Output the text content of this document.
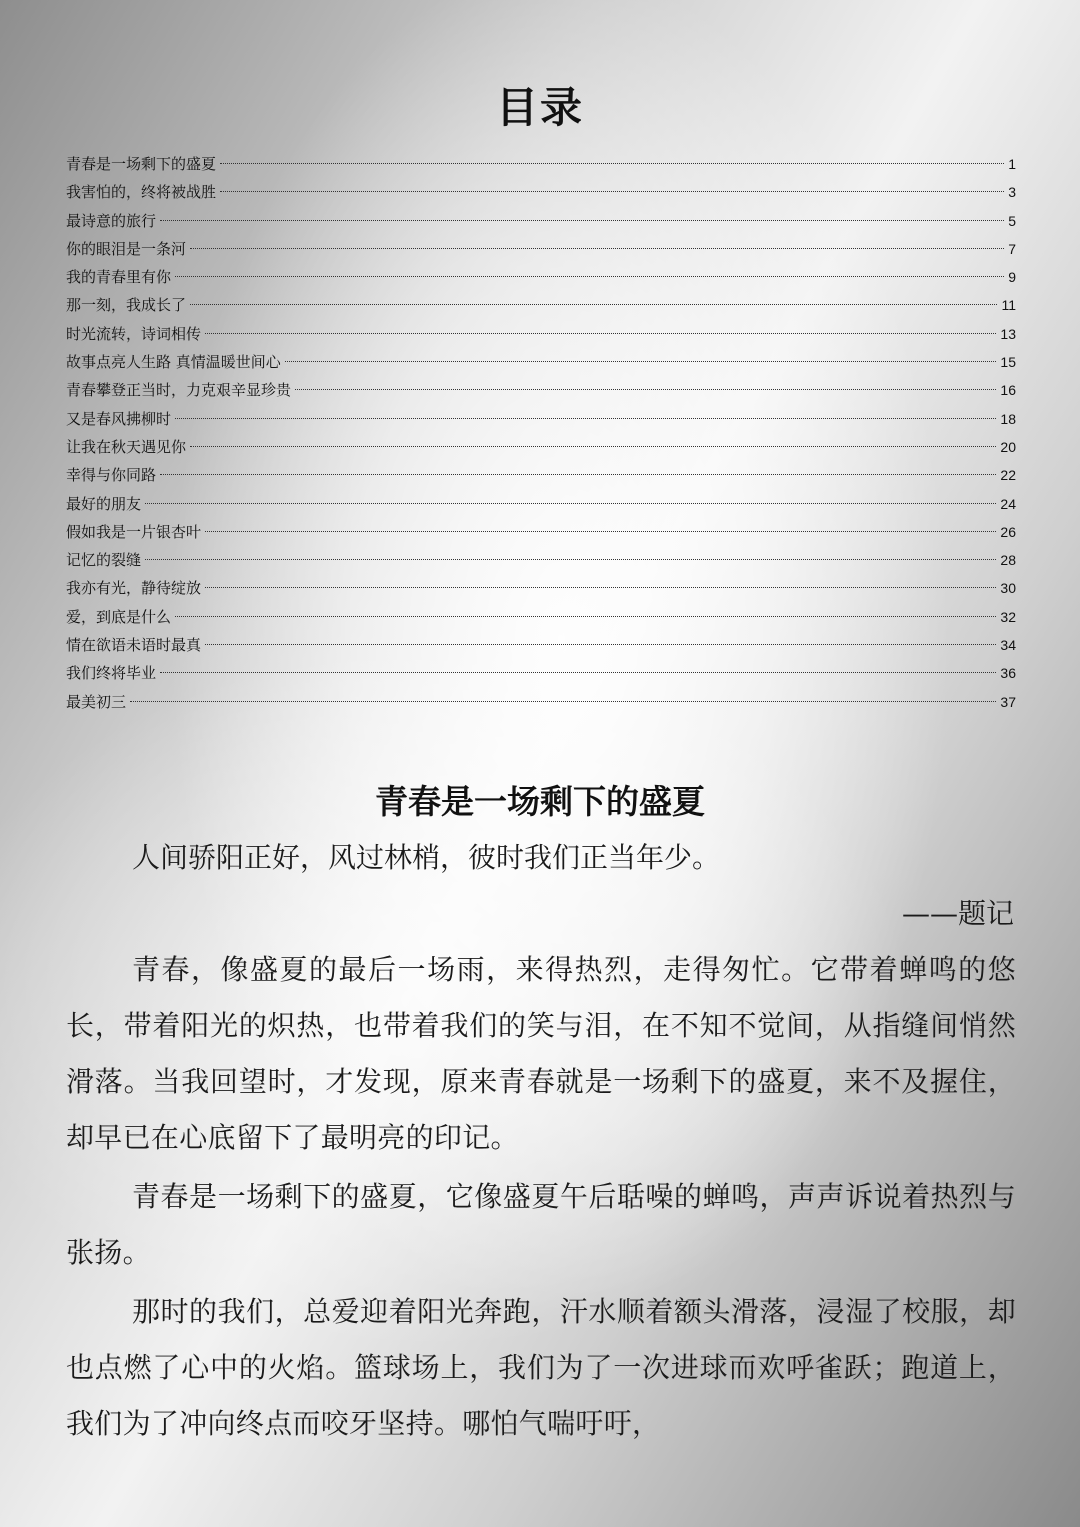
目录
青春是一场剩下的盛夏	1
我害怕的，终将被战胜	3
最诗意的旅行	5
你的眼泪是一条河	7
我的青春里有你	9
那一刻，我成长了	11
时光流转，诗词相传	13
故事点亮人生路 真情温暖世间心	15
青春攀登正当时，力克艰辛显珍贵	16
又是春风拂柳时	18
让我在秋天遇见你	20
幸得与你同路	22
最好的朋友	24
假如我是一片银杏叶	26
记忆的裂缝	28
我亦有光，静待绽放	30
爱，到底是什么	32
情在欲语未语时最真	34
我们终将毕业	36
最美初三	37
青春是一场剩下的盛夏

人间骄阳正好，风过林梢，彼时我们正当年少。

——题记

青春，像盛夏的最后一场雨，来得热烈，走得匆忙。它带着蝉鸣的悠长，带着阳光的炽热，也带着我们的笑与泪，在不知不觉间，从指缝间悄然滑落。当我回望时，才发现，原来青春就是一场剩下的盛夏，来不及握住，却早已在心底留下了最明亮的印记。

青春是一场剩下的盛夏，它像盛夏午后聒噪的蝉鸣，声声诉说着热烈与张扬。

那时的我们，总爱迎着阳光奔跑，汗水顺着额头滑落，浸湿了校服，却也点燃了心中的火焰。篮球场上，我们为了一次进球而欢呼雀跃；跑道上，我们为了冲向终点而咬牙坚持。哪怕气喘吁吁，
